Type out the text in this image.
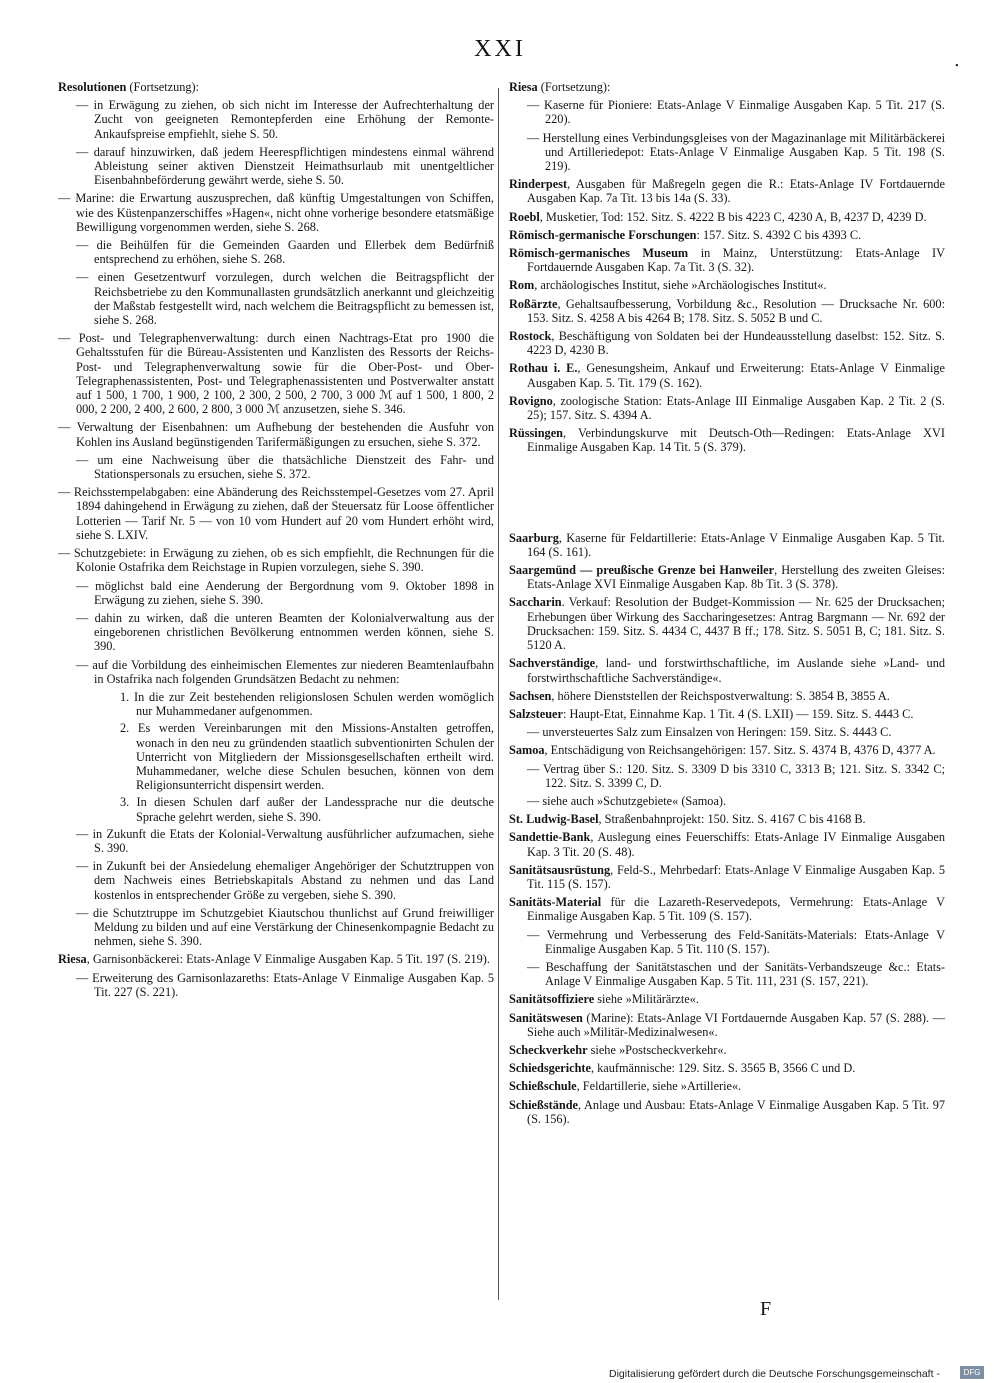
XXI	.
Resolutionen (Fortsetzung):
— in Erwägung zu ziehen, ob sich nicht im Interesse der Aufrechterhaltung der Zucht von geeigneten Remontepferden eine Erhöhung der Remonte-Ankaufspreise empfiehlt, siehe S. 50.
— darauf hinzuwirken, daß jedem Heerespflichtigen mindestens einmal während Ableistung seiner aktiven Dienstzeit Heimathsurlaub mit unentgeltlicher Eisenbahnbeförderung gewährt werde, siehe S. 50.
— Marine: die Erwartung auszusprechen, daß künftig Umgestaltungen von Schiffen, wie des Küstenpanzerschiffes »Hagen«, nicht ohne vorherige besondere etatsmäßige Bewilligung vorgenommen werden, siehe S. 268.
— die Beihülfen für die Gemeinden Gaarden und Ellerbek dem Bedürfniß entsprechend zu erhöhen, siehe S. 268.
— einen Gesetzentwurf vorzulegen, durch welchen die Beitragspflicht der Reichsbetriebe zu den Kommunallasten grundsätzlich anerkannt und gleichzeitig der Maßstab festgestellt wird, nach welchem die Beitragspflicht zu bemessen ist, siehe S. 268.
— Post- und Telegraphenverwaltung: durch einen Nachtrags-Etat pro 1900 die Gehaltsstufen für die Büreau-Assistenten und Kanzlisten des Ressorts der Reichs-Post- und Telegraphenverwaltung sowie für die Ober-Post- und Ober-Telegraphenassistenten, Post- und Telegraphenassistenten und Postverwalter anstatt auf 1 500, 1 700, 1 900, 2 100, 2 300, 2 500, 2 700, 3 000 ℳ auf 1 500, 1 800, 2 000, 2 200, 2 400, 2 600, 2 800, 3 000 ℳ anzusetzen, siehe S. 346.
— Verwaltung der Eisenbahnen: um Aufhebung der bestehenden die Ausfuhr von Kohlen ins Ausland begünstigenden Tarifermäßigungen zu ersuchen, siehe S. 372.
— um eine Nachweisung über die thatsächliche Dienstzeit des Fahr- und Stationspersonals zu ersuchen, siehe S. 372.
— Reichsstempelabgaben: eine Abänderung des Reichsstempel-Gesetzes vom 27. April 1894 dahingehend in Erwägung zu ziehen, daß der Steuersatz für Loose öffentlicher Lotterien — Tarif Nr. 5 — von 10 vom Hundert auf 20 vom Hundert erhöht wird, siehe S. LXIV.
— Schutzgebiete: in Erwägung zu ziehen, ob es sich empfiehlt, die Rechnungen für die Kolonie Ostafrika dem Reichstage in Rupien vorzulegen, siehe S. 390.
— möglichst bald eine Aenderung der Bergordnung vom 9. Oktober 1898 in Erwägung zu ziehen, siehe S. 390.
— dahin zu wirken, daß die unteren Beamten der Kolonialverwaltung aus der eingeborenen christlichen Bevölkerung entnommen werden können, siehe S. 390.
— auf die Vorbildung des einheimischen Elementes zur niederen Beamtenlaufbahn in Ostafrika nach folgenden Grundsätzen Bedacht zu nehmen:
1. In die zur Zeit bestehenden religionslosen Schulen werden womöglich nur Muhammedaner aufgenommen.
2. Es werden Vereinbarungen mit den Missions-Anstalten getroffen, wonach in den neu zu gründenden staatlich subventionirten Schulen der Unterricht von Mitgliedern der Missionsgesellschaften ertheilt wird. Muhammedaner, welche diese Schulen besuchen, können von dem Religionsunterricht dispensirt werden.
3. In diesen Schulen darf außer der Landessprache nur die deutsche Sprache gelehrt werden, siehe S. 390.
— in Zukunft die Etats der Kolonial-Verwaltung ausführlicher aufzumachen, siehe S. 390.
— in Zukunft bei der Ansiedelung ehemaliger Angehöriger der Schutztruppen von dem Nachweis eines Betriebskapitals Abstand zu nehmen und das Land kostenlos in entsprechender Größe zu vergeben, siehe S. 390.
— die Schutztruppe im Schutzgebiet Kiautschou thunlichst auf Grund freiwilliger Meldung zu bilden und auf eine Verstärkung der Chinesenkompagnie Bedacht zu nehmen, siehe S. 390.
Riesa, Garnisonbäckerei: Etats-Anlage V Einmalige Ausgaben Kap. 5 Tit. 197 (S. 219).
— Erweiterung des Garnisonlazareths: Etats-Anlage V Einmalige Ausgaben Kap. 5 Tit. 227 (S. 221).
Riesa (Fortsetzung):
— Kaserne für Pioniere: Etats-Anlage V Einmalige Ausgaben Kap. 5 Tit. 217 (S. 220).
— Herstellung eines Verbindungsgleises von der Magazinanlage mit Militärbäckerei und Artilleriedepot: Etats-Anlage V Einmalige Ausgaben Kap. 5 Tit. 198 (S. 219).
Rinderpest, Ausgaben für Maßregeln gegen die R.: Etats-Anlage IV Fortdauernde Ausgaben Kap. 7a Tit. 13 bis 14a (S. 33).
Roebl, Musketier, Tod: 152. Sitz. S. 4222 B bis 4223 C, 4230 A, B, 4237 D, 4239 D.
Römisch-germanische Forschungen: 157. Sitz. S. 4392 C bis 4393 C.
Römisch-germanisches Museum in Mainz, Unterstützung: Etats-Anlage IV Fortdauernde Ausgaben Kap. 7a Tit. 3 (S. 32).
Rom, archäologisches Institut, siehe »Archäologisches Institut«.
Roßärzte, Gehaltsaufbesserung, Vorbildung &c., Resolution — Drucksache Nr. 600: 153. Sitz. S. 4258 A bis 4264 B; 178. Sitz. S. 5052 B und C.
Rostock, Beschäftigung von Soldaten bei der Hundeausstellung daselbst: 152. Sitz. S. 4223 D, 4230 B.
Rothau i. E., Genesungsheim, Ankauf und Erweiterung: Etats-Anlage V Einmalige Ausgaben Kap. 5. Tit. 179 (S. 162).
Rovigno, zoologische Station: Etats-Anlage III Einmalige Ausgaben Kap. 2 Tit. 2 (S. 25); 157. Sitz. S. 4394 A.
Rüssingen, Verbindungskurve mit Deutsch-Oth—Redingen: Etats-Anlage XVI Einmalige Ausgaben Kap. 14 Tit. 5 (S. 379).
Saarburg, Kaserne für Feldartillerie: Etats-Anlage V Einmalige Ausgaben Kap. 5 Tit. 164 (S. 161).
Saargemünd — preußische Grenze bei Hanweiler, Herstellung des zweiten Gleises: Etats-Anlage XVI Einmalige Ausgaben Kap. 8b Tit. 3 (S. 378).
Saccharin. Verkauf: Resolution der Budget-Kommission — Nr. 625 der Drucksachen; Erhebungen über Wirkung des Saccharingesetzes: Antrag Bargmann — Nr. 692 der Drucksachen: 159. Sitz. S. 4434 C, 4437 B ff.; 178. Sitz. S. 5051 B, C; 181. Sitz. S. 5120 A.
Sachverständige, land- und forstwirthschaftliche, im Auslande siehe »Land- und forstwirthschaftliche Sachverständige«.
Sachsen, höhere Dienststellen der Reichspostverwaltung: S. 3854 B, 3855 A.
Salzsteuer: Haupt-Etat, Einnahme Kap. 1 Tit. 4 (S. LXII) — 159. Sitz. S. 4443 C.
— unversteuertes Salz zum Einsalzen von Heringen: 159. Sitz. S. 4443 C.
Samoa, Entschädigung von Reichsangehörigen: 157. Sitz. S. 4374 B, 4376 D, 4377 A.
— Vertrag über S.: 120. Sitz. S. 3309 D bis 3310 C, 3313 B; 121. Sitz. S. 3342 C; 122. Sitz. S. 3399 C, D.
— siehe auch »Schutzgebiete« (Samoa).
St. Ludwig-Basel, Straßenbahnprojekt: 150. Sitz. S. 4167 C bis 4168 B.
Sandettie-Bank, Auslegung eines Feuerschiffs: Etats-Anlage IV Einmalige Ausgaben Kap. 3 Tit. 20 (S. 48).
Sanitätsausrüstung, Feld-S., Mehrbedarf: Etats-Anlage V Einmalige Ausgaben Kap. 5 Tit. 115 (S. 157).
Sanitäts-Material für die Lazareth-Reservedepots, Vermehrung: Etats-Anlage V Einmalige Ausgaben Kap. 5 Tit. 109 (S. 157).
— Vermehrung und Verbesserung des Feld-Sanitäts-Materials: Etats-Anlage V Einmalige Ausgaben Kap. 5 Tit. 110 (S. 157).
— Beschaffung der Sanitätstaschen und der Sanitäts-Verbandszeuge &c.: Etats-Anlage V Einmalige Ausgaben Kap. 5 Tit. 111, 231 (S. 157, 221).
Sanitätsoffiziere siehe »Militärärzte«.
Sanitätswesen (Marine): Etats-Anlage VI Fortdauernde Ausgaben Kap. 57 (S. 288). — Siehe auch »Militär-Medizinalwesen«.
Scheckverkehr siehe »Postscheckverkehr«.
Schiedsgerichte, kaufmännische: 129. Sitz. S. 3565 B, 3566 C und D.
Schießschule, Feldartillerie, siehe »Artillerie«.
Schießstände, Anlage und Ausbau: Etats-Anlage V Einmalige Ausgaben Kap. 5 Tit. 97 (S. 156).
F
Digitalisierung gefördert durch die Deutsche Forschungsgemeinschaft -	DFG
